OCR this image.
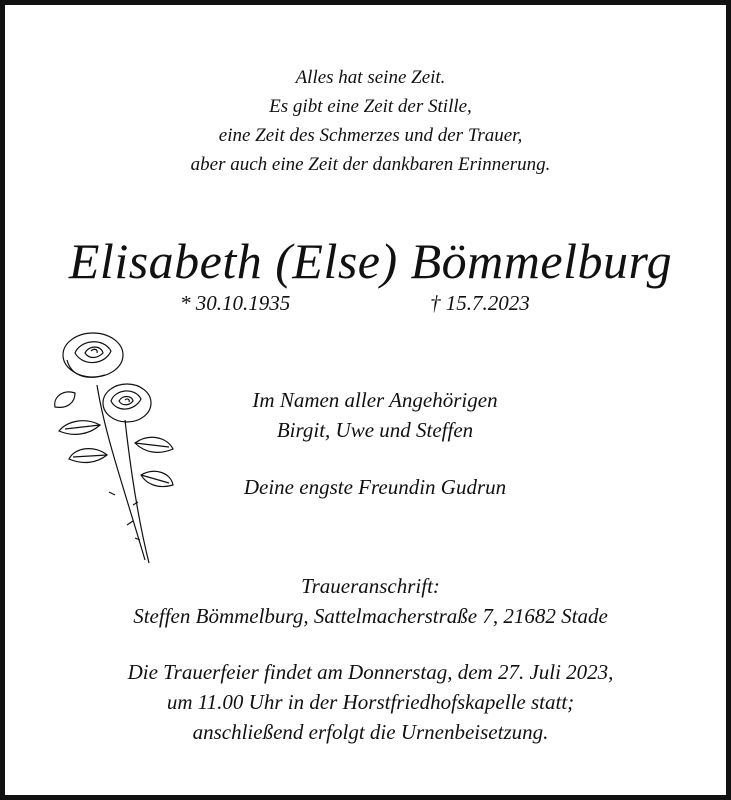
Alles hat seine Zeit.
Es gibt eine Zeit der Stille,
eine Zeit des Schmerzes und der Trauer,
aber auch eine Zeit der dankbaren Erinnerung.
Elisabeth (Else) Bömmelburg
* 30.10.1935	† 15.7.2023
Im Namen aller Angehörigen
Birgit, Uwe und Steffen
Deine engste Freundin Gudrun
Traueranschrift:
Steffen Bömmelburg, Sattelmacherstraße 7, 21682 Stade
Die Trauerfeier findet am Donnerstag, dem 27. Juli 2023,
um 11.00 Uhr in der Horstfriedhofskapelle statt;
anschließend erfolgt die Urnenbeisetzung.
